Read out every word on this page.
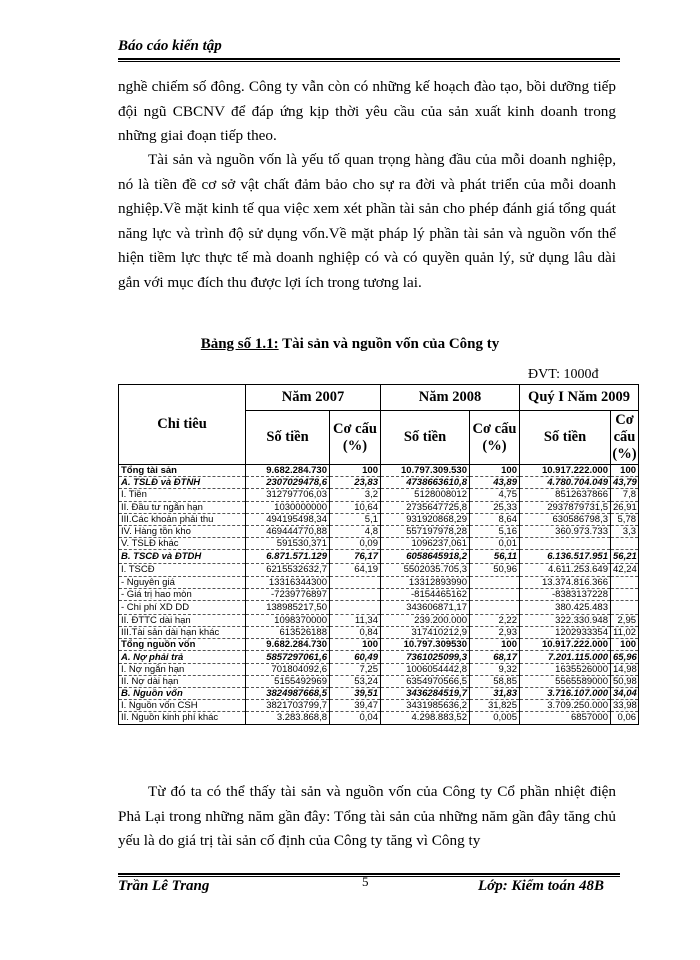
Báo cáo kiến tập

nghề chiếm số đông. Công ty vẫn còn có những kế hoạch đào tạo, bồi dưỡng tiếp đội ngũ CBCNV để đáp ứng kịp thời yêu cầu của sản xuất kinh doanh trong những giai đoạn tiếp theo.

Tài sản và nguồn vốn là yếu tố quan trọng hàng đầu của mỗi doanh nghiệp, nó là tiền đề cơ sở vật chất đảm bảo cho sự ra đời và phát triển của mỗi doanh nghiệp.Về mặt kinh tế qua việc xem xét phần tài sản cho phép đánh giá tổng quát năng lực và trình độ sử dụng vốn.Về mặt pháp lý phần tài sản và nguồn vốn thể hiện tiềm lực thực tế mà doanh nghiệp có và có quyền quản lý, sử dụng lâu dài gắn với mục đích thu được lợi ích trong tương lai.

Bảng số 1.1: Tài sản và nguồn vốn của Công ty
ĐVT: 1000đ
Chỉ tiêu	Năm 2007		Năm 2008		Quý I Năm 2009	
	Số tiền	Cơ cấu (%)	Số tiền	Cơ cấu (%)	Số tiền	Cơ cấu (%)
Tổng tài sản	9.682.284.730	100	10.797.309.530	100	10.917.222.000	100
A. TSLĐ và ĐTNH	2307029478,6	23,83	4738663610,8	43,89	4.780.704.049	43,79
I. Tiền	312797706,03	3,2	5128008012	4,75	8512637866	7,8
II. Đầu tư ngắn hạn	1030000000	10,64	2735647725,8	25,33	2937879731,5	26,91
III.Các khoản phải thu	494195498,34	5,1	931920868,29	8,64	630586798,3	5,78
IV. Hàng tồn kho	469444770,88	4,8	557197978,28	5,16	360.973.733	3,3
V. TSLĐ khác	591530,371	0,09	1096237,061	0,01		
B. TSCĐ và ĐTDH	6.871.571.129	76,17	6058645918,2	56,11	6.136.517.951	56,21
I. TSCĐ	6215532632,7	64,19	5502035.705,3	50,96	4.611.253.649	42,24
- Nguyên giá	13316344300		13312893990		13.374.816.366	
- Giá trị hao mòn	-7239776897		-8154465162		-8383137228	
- Chi phí XD DD	138985217,50		343606871,17		380.425.483	
II. ĐTTC dài hạn	1098370000	11,34	239.200.000	2,22	322.330.948	2,95
III.Tài sản dài hạn khác	613526188	0,84	317410212,9	2,93	1202933354	11,02
Tổng nguồn vốn	9.682.284.730	100	10.797.309530	100	10.917.222.000	100
A. Nợ phải trả	5857297061,6	60,49	7361025099,3	68,17	7.201.115.000	65,96
I. Nợ ngắn hạn	701804092,6	7,25	1006054442,8	9,32	1635526000	14,98
II. Nợ dài hạn	5155492969	53,24	6354970566,5	58,85	5565589000	50,98
B. Nguồn vốn	3824987668,5	39,51	3436284519,7	31,83	3.716.107.000	34,04
I. Nguồn vốn CSH	3821703799,7	39,47	3431985636,2	31,825	3.709.250.000	33,98
II. Nguồn kinh phí khác	3.283.868,8	0,04	4.298.883,52	0,005	6857000	0,06

Từ đó ta có thể thấy tài sản và nguồn vốn của Công ty Cổ phần nhiệt điện Phả Lại trong những năm gần đây: Tổng tài sản của những năm gần đây tăng chủ yếu là do giá trị tài sản cố định của Công ty tăng vì Công ty

Trần Lê Trang	5	Lớp: Kiểm toán 48B
